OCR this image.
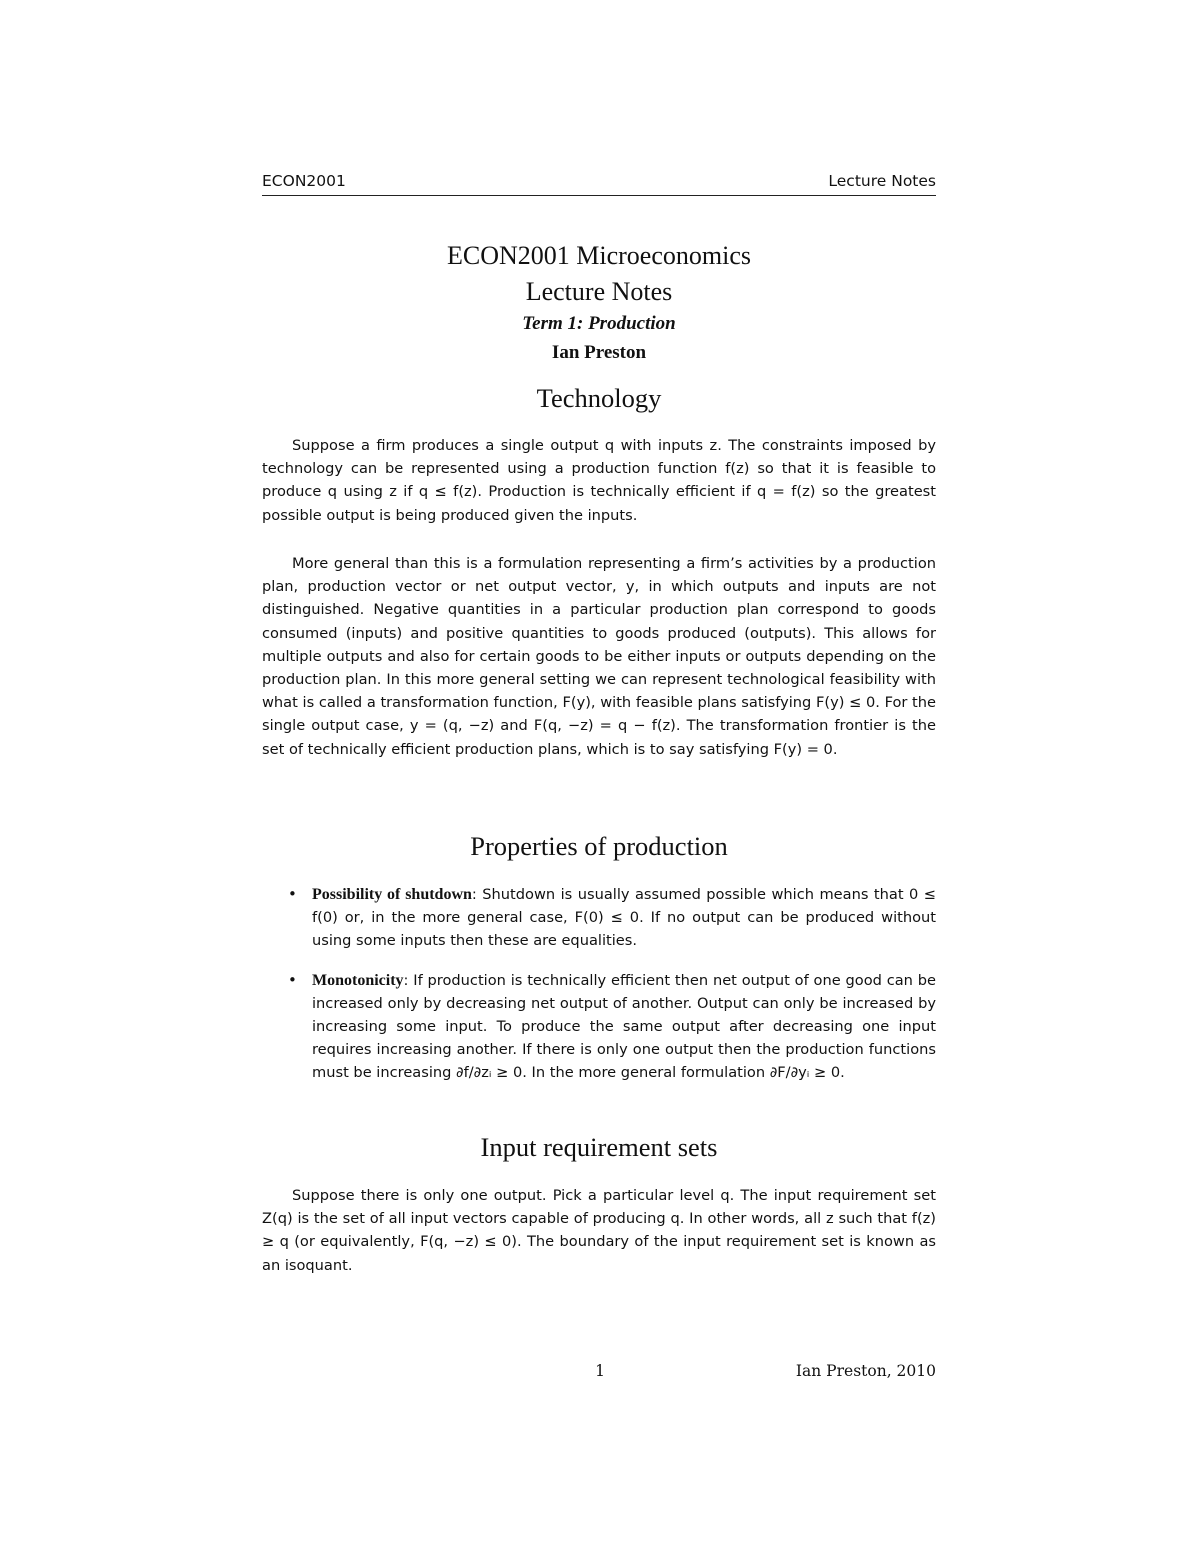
ECON2001	Lecture Notes
ECON2001 Microeconomics
Lecture Notes
Term 1: Production
Ian Preston
Technology

Suppose a firm produces a single output q with inputs z. The constraints imposed by technology can be represented using a production function f(z) so that it is feasible to produce q using z if q ≤ f(z). Production is technically efficient if q = f(z) so the greatest possible output is being produced given the inputs.

More general than this is a formulation representing a firm’s activities by a production plan, production vector or net output vector, y, in which outputs and inputs are not distinguished. Negative quantities in a particular production plan correspond to goods consumed (inputs) and positive quantities to goods produced (outputs). This allows for multiple outputs and also for certain goods to be either inputs or outputs depending on the production plan. In this more general setting we can represent technological feasibility with what is called a transformation function, F(y), with feasible plans satisfying F(y) ≤ 0. For the single output case, y = (q, −z) and F(q, −z) = q − f(z). The transformation frontier is the set of technically efficient production plans, which is to say satisfying F(y) = 0.

Properties of production
• Possibility of shutdown: Shutdown is usually assumed possible which means that 0 ≤ f(0) or, in the more general case, F(0) ≤ 0. If no output can be produced without using some inputs then these are equalities.
• Monotonicity: If production is technically efficient then net output of one good can be increased only by decreasing net output of another. Output can only be increased by increasing some input. To produce the same output after decreasing one input requires increasing another. If there is only one output then the production functions must be increasing ∂f/∂zᵢ ≥ 0. In the more general formulation ∂F/∂yᵢ ≥ 0.
Input requirement sets

Suppose there is only one output. Pick a particular level q. The input requirement set Z(q) is the set of all input vectors capable of producing q. In other words, all z such that f(z) ≥ q (or equivalently, F(q, −z) ≤ 0). The boundary of the input requirement set is known as an isoquant.

1	Ian Preston, 2010
